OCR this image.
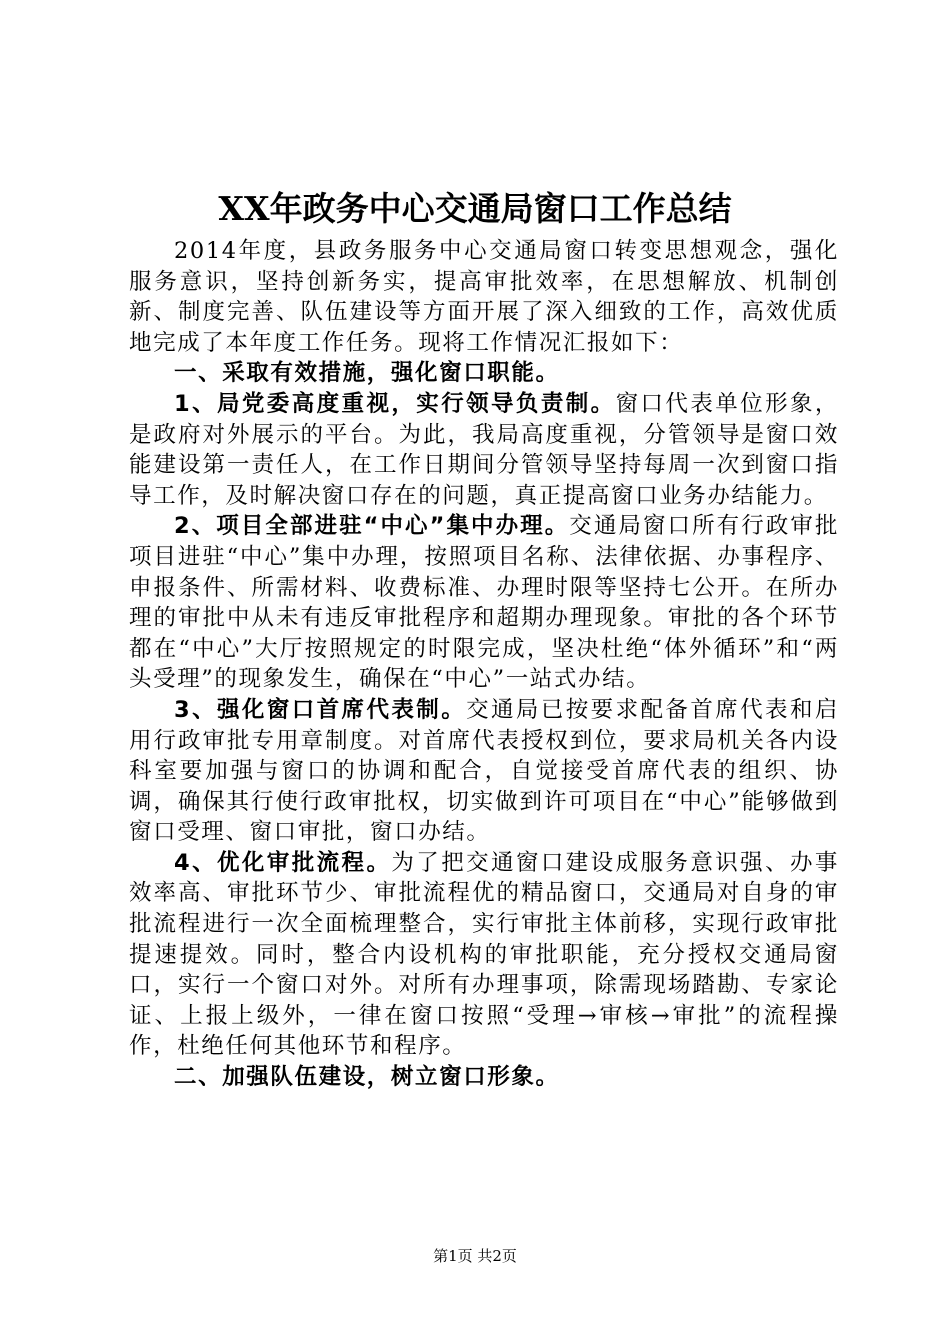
XX年政务中心交通局窗口工作总结

2014年度，县政务服务中心交通局窗口转变思想观念，强化服务意识，坚持创新务实，提高审批效率，在思想解放、机制创新、制度完善、队伍建设等方面开展了深入细致的工作，高效优质地完成了本年度工作任务。现将工作情况汇报如下：

一、采取有效措施，强化窗口职能。

1、局党委高度重视，实行领导负责制。窗口代表单位形象，是政府对外展示的平台。为此，我局高度重视，分管领导是窗口效能建设第一责任人，在工作日期间分管领导坚持每周一次到窗口指导工作，及时解决窗口存在的问题，真正提高窗口业务办结能力。

2、项目全部进驻“中心”集中办理。交通局窗口所有行政审批项目进驻“中心”集中办理，按照项目名称、法律依据、办事程序、申报条件、所需材料、收费标准、办理时限等坚持七公开。在所办理的审批中从未有违反审批程序和超期办理现象。审批的各个环节都在“中心”大厅按照规定的时限完成，坚决杜绝“体外循环”和“两头受理”的现象发生，确保在“中心”一站式办结。

3、强化窗口首席代表制。交通局已按要求配备首席代表和启用行政审批专用章制度。对首席代表授权到位，要求局机关各内设科室要加强与窗口的协调和配合，自觉接受首席代表的组织、协调，确保其行使行政审批权，切实做到许可项目在“中心”能够做到窗口受理、窗口审批，窗口办结。

4、优化审批流程。为了把交通窗口建设成服务意识强、办事效率高、审批环节少、审批流程优的精品窗口，交通局对自身的审批流程进行一次全面梳理整合，实行审批主体前移，实现行政审批提速提效。同时，整合内设机构的审批职能，充分授权交通局窗口，实行一个窗口对外。对所有办理事项，除需现场踏勘、专家论证、上报上级外，一律在窗口按照“受理→审核→审批”的流程操作，杜绝任何其他环节和程序。

二、加强队伍建设，树立窗口形象。

第1页 共2页
